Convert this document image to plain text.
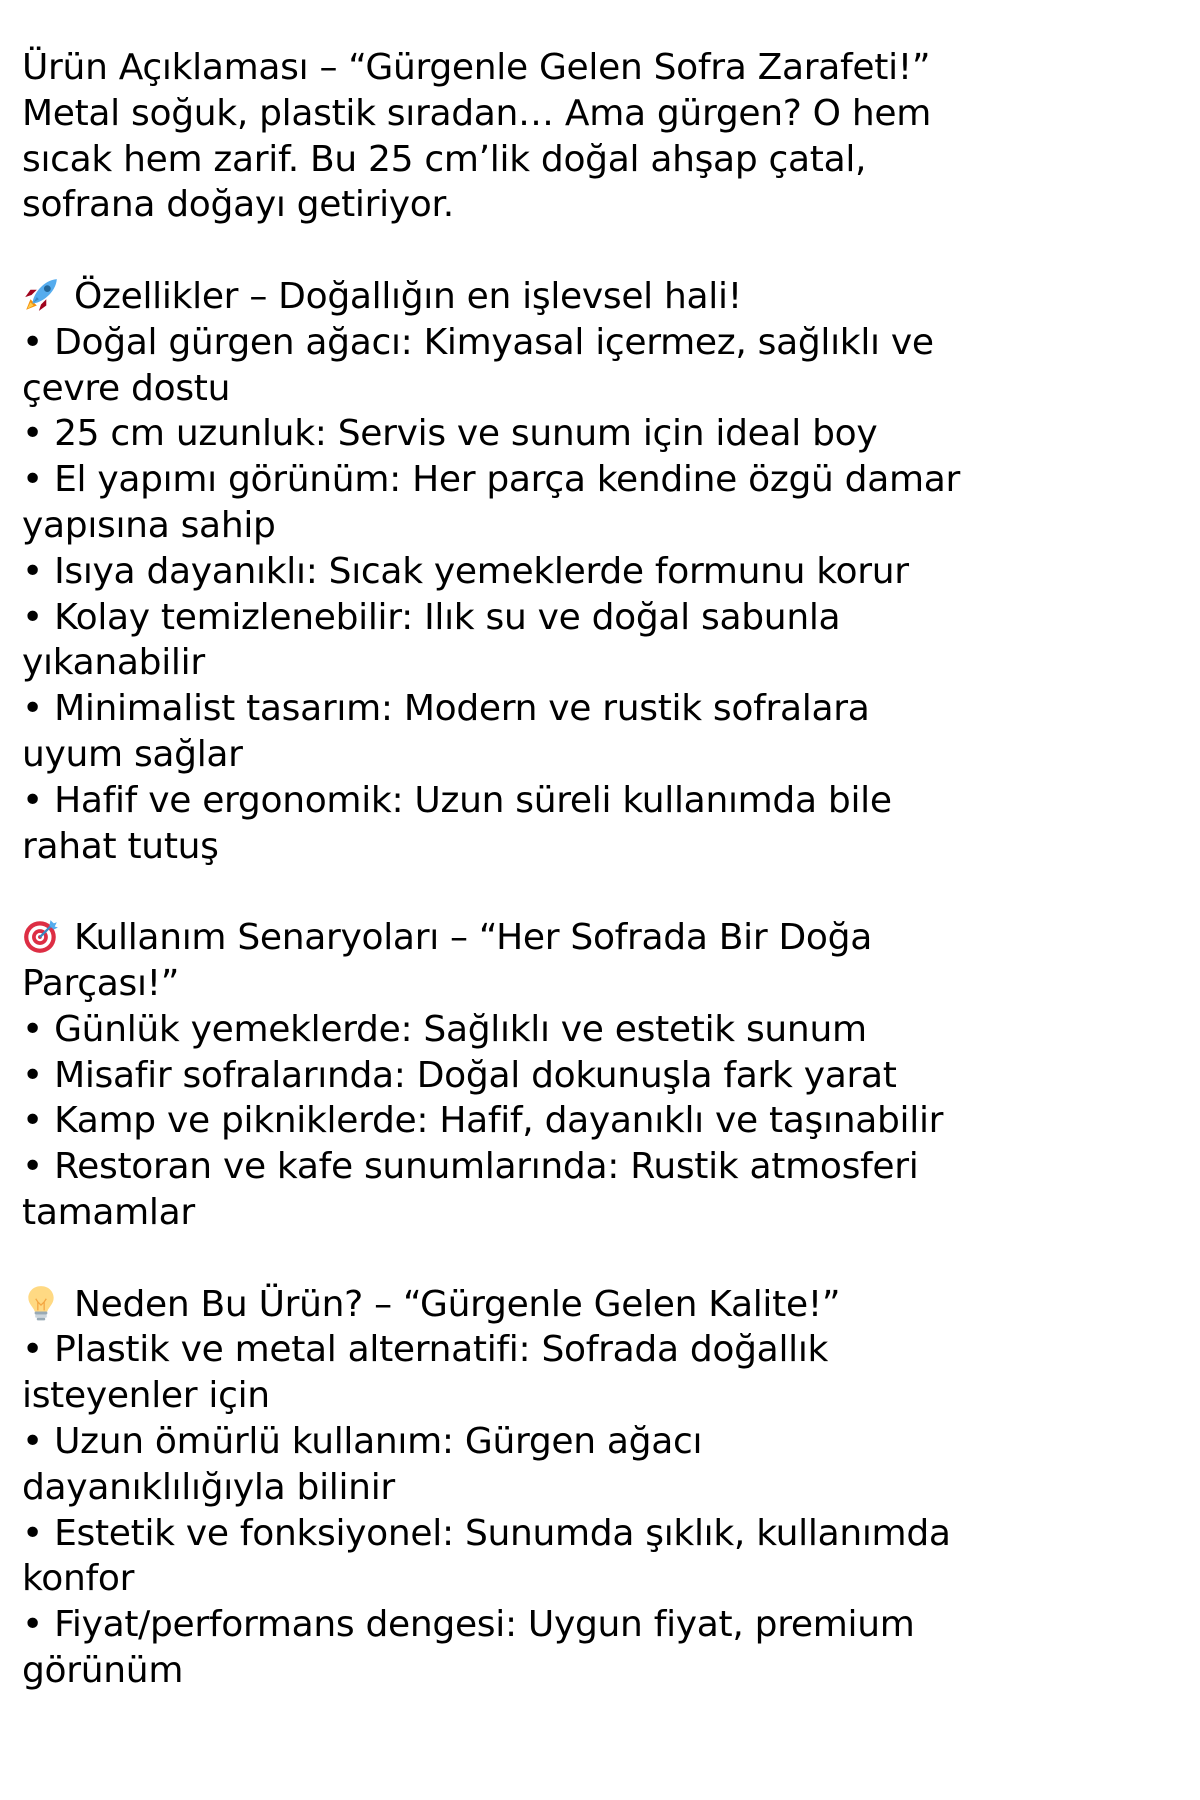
Ürün Açıklaması – “Gürgenle Gelen Sofra Zarafeti!”
Metal soğuk, plastik sıradan… Ama gürgen? O hem
sıcak hem zarif. Bu 25 cm’lik doğal ahşap çatal,
sofrana doğayı getiriyor.
Özellikler – Doğallığın en işlevsel hali!
• Doğal gürgen ağacı: Kimyasal içermez, sağlıklı ve
çevre dostu
• 25 cm uzunluk: Servis ve sunum için ideal boy
• El yapımı görünüm: Her parça kendine özgü damar
yapısına sahip
• Isıya dayanıklı: Sıcak yemeklerde formunu korur
• Kolay temizlenebilir: Ilık su ve doğal sabunla
yıkanabilir
• Minimalist tasarım: Modern ve rustik sofralara
uyum sağlar
• Hafif ve ergonomik: Uzun süreli kullanımda bile
rahat tutuş
Kullanım Senaryoları – “Her Sofrada Bir Doğa
Parçası!”
• Günlük yemeklerde: Sağlıklı ve estetik sunum
• Misafir sofralarında: Doğal dokunuşla fark yarat
• Kamp ve pikniklerde: Hafif, dayanıklı ve taşınabilir
• Restoran ve kafe sunumlarında: Rustik atmosferi
tamamlar
Neden Bu Ürün? – “Gürgenle Gelen Kalite!”
• Plastik ve metal alternatifi: Sofrada doğallık
isteyenler için
• Uzun ömürlü kullanım: Gürgen ağacı
dayanıklılığıyla bilinir
• Estetik ve fonksiyonel: Sunumda şıklık, kullanımda
konfor
• Fiyat/performans dengesi: Uygun fiyat, premium
görünüm
